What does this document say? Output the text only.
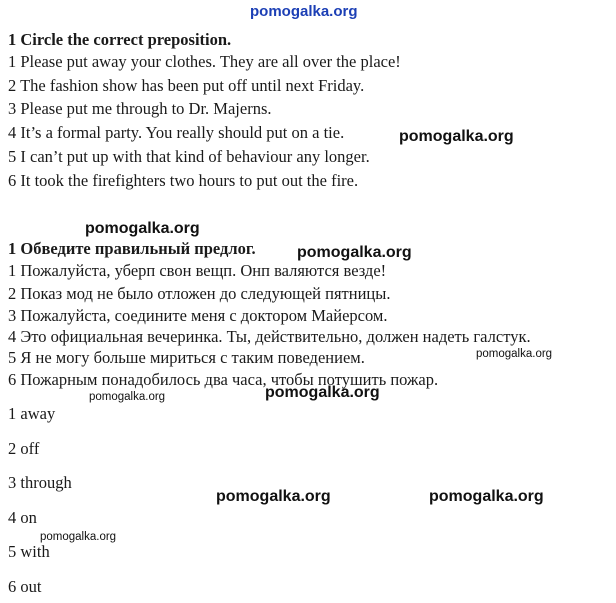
pomogalka.org
1 Circle the correct preposition.
1 Please put away your clothes. They are all over the place!
2 The fashion show has been put off until next Friday.
3 Please put me through to Dr. Majerns.
4 It’s a formal party. You really should put on a tie.
5 I can’t put up with that kind of behaviour any longer.
6 It took the firefighters two hours to put out the fire.
1 Обведите правильный предлог.
1 Пожалуйста, уберп свон вещп. Онп валяются везде!
2 Показ мод не было отложен до следующей пятницы.
3 Пожалуйста, соедините меня с доктором Майерсом.
4 Это официальная вечеринка. Ты, действительно, должен надеть галстук.
5 Я не могу больше мириться с таким поведением.
6 Пожарным понадобилось два часа, чтобы потушить пожар.
1 away
2 off
3 through
4 on
5 with
6 out
pomogalka.org
pomogalka.org
pomogalka.org
pomogalka.org
pomogalka.org
pomogalka.org
pomogalka.org	pomogalka.org
pomogalka.org
